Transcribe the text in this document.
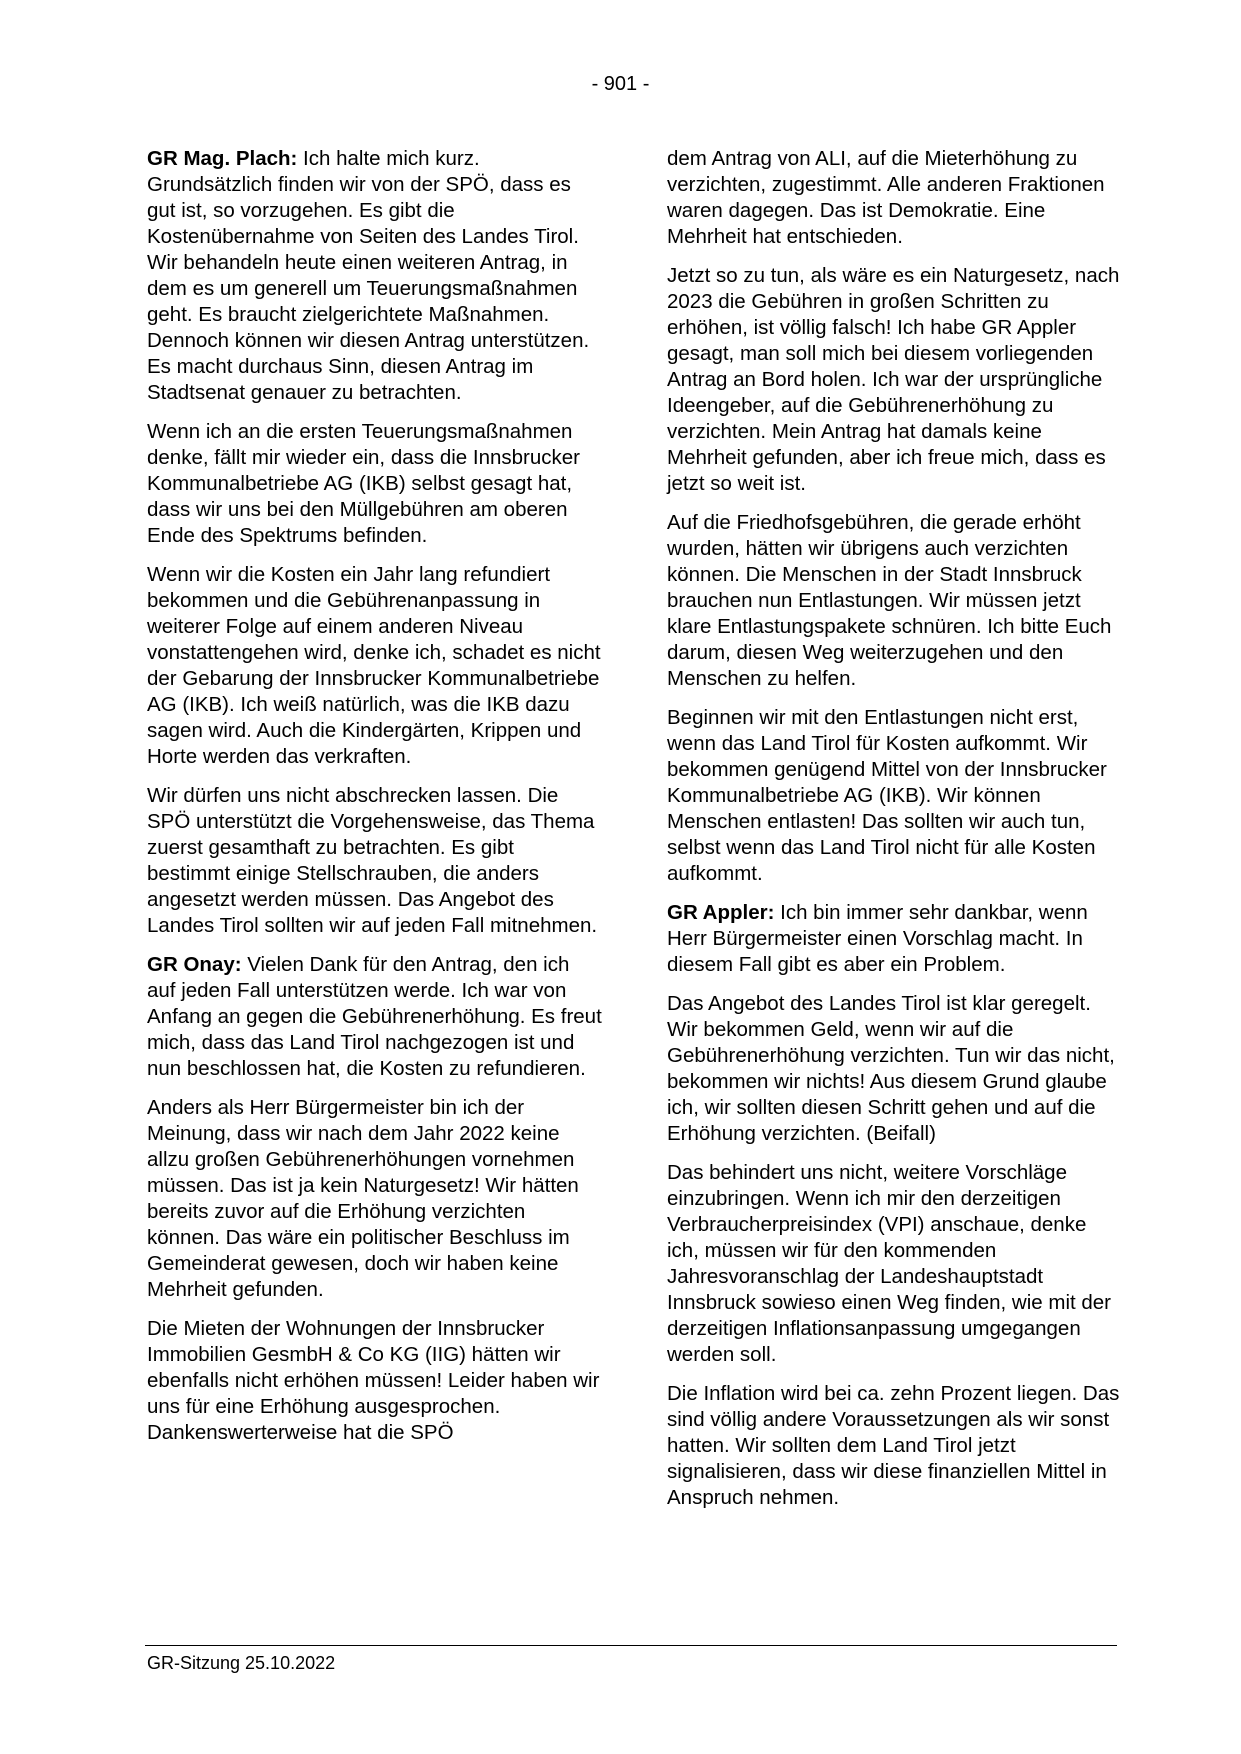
- 901 -

GR Mag. Plach: Ich halte mich kurz. Grundsätzlich finden wir von der SPÖ, dass es gut ist, so vorzugehen. Es gibt die Kostenübernahme von Seiten des Landes Tirol. Wir behandeln heute einen weiteren Antrag, in dem es um generell um Teuerungsmaßnahmen geht. Es braucht zielgerichtete Maßnahmen. Dennoch können wir diesen Antrag unterstützen. Es macht durchaus Sinn, diesen Antrag im Stadtsenat genauer zu betrachten.

Wenn ich an die ersten Teuerungsmaßnahmen denke, fällt mir wieder ein, dass die Innsbrucker Kommunalbetriebe AG (IKB) selbst gesagt hat, dass wir uns bei den Müllgebühren am oberen Ende des Spektrums befinden.

Wenn wir die Kosten ein Jahr lang refundiert bekommen und die Gebührenanpassung in weiterer Folge auf einem anderen Niveau vonstattengehen wird, denke ich, schadet es nicht der Gebarung der Innsbrucker Kommunalbetriebe AG (IKB). Ich weiß natürlich, was die IKB dazu sagen wird. Auch die Kindergärten, Krippen und Horte werden das verkraften.

Wir dürfen uns nicht abschrecken lassen. Die SPÖ unterstützt die Vorgehensweise, das Thema zuerst gesamthaft zu betrachten. Es gibt bestimmt einige Stellschrauben, die anders angesetzt werden müssen. Das Angebot des Landes Tirol sollten wir auf jeden Fall mitnehmen.

GR Onay: Vielen Dank für den Antrag, den ich auf jeden Fall unterstützen werde. Ich war von Anfang an gegen die Gebührenerhöhung. Es freut mich, dass das Land Tirol nachgezogen ist und nun beschlossen hat, die Kosten zu refundieren.

Anders als Herr Bürgermeister bin ich der Meinung, dass wir nach dem Jahr 2022 keine allzu großen Gebührenerhöhungen vornehmen müssen. Das ist ja kein Naturgesetz! Wir hätten bereits zuvor auf die Erhöhung verzichten können. Das wäre ein politischer Beschluss im Gemeinderat gewesen, doch wir haben keine Mehrheit gefunden.

Die Mieten der Wohnungen der Innsbrucker Immobilien GesmbH & Co KG (IIG) hätten wir ebenfalls nicht erhöhen müssen! Leider haben wir uns für eine Erhöhung ausgesprochen. Dankenswerterweise hat die SPÖ

dem Antrag von ALI, auf die Mieterhöhung zu verzichten, zugestimmt. Alle anderen Fraktionen waren dagegen. Das ist Demokratie. Eine Mehrheit hat entschieden.

Jetzt so zu tun, als wäre es ein Naturgesetz, nach 2023 die Gebühren in großen Schritten zu erhöhen, ist völlig falsch! Ich habe GR Appler gesagt, man soll mich bei diesem vorliegenden Antrag an Bord holen. Ich war der ursprüngliche Ideengeber, auf die Gebührenerhöhung zu verzichten. Mein Antrag hat damals keine Mehrheit gefunden, aber ich freue mich, dass es jetzt so weit ist.

Auf die Friedhofsgebühren, die gerade erhöht wurden, hätten wir übrigens auch verzichten können. Die Menschen in der Stadt Innsbruck brauchen nun Entlastungen. Wir müssen jetzt klare Entlastungspakete schnüren. Ich bitte Euch darum, diesen Weg weiterzugehen und den Menschen zu helfen.

Beginnen wir mit den Entlastungen nicht erst, wenn das Land Tirol für Kosten aufkommt. Wir bekommen genügend Mittel von der Innsbrucker Kommunalbetriebe AG (IKB). Wir können Menschen entlasten! Das sollten wir auch tun, selbst wenn das Land Tirol nicht für alle Kosten aufkommt.

GR Appler: Ich bin immer sehr dankbar, wenn Herr Bürgermeister einen Vorschlag macht. In diesem Fall gibt es aber ein Problem.

Das Angebot des Landes Tirol ist klar geregelt. Wir bekommen Geld, wenn wir auf die Gebührenerhöhung verzichten. Tun wir das nicht, bekommen wir nichts! Aus diesem Grund glaube ich, wir sollten diesen Schritt gehen und auf die Erhöhung verzichten. (Beifall)

Das behindert uns nicht, weitere Vorschläge einzubringen. Wenn ich mir den derzeitigen Verbraucherpreisindex (VPI) anschaue, denke ich, müssen wir für den kommenden Jahresvoranschlag der Landeshauptstadt Innsbruck sowieso einen Weg finden, wie mit der derzeitigen Inflationsanpassung umgegangen werden soll.

Die Inflation wird bei ca. zehn Prozent liegen. Das sind völlig andere Voraussetzungen als wir sonst hatten. Wir sollten dem Land Tirol jetzt signalisieren, dass wir diese finanziellen Mittel in Anspruch nehmen.

GR-Sitzung 25.10.2022
